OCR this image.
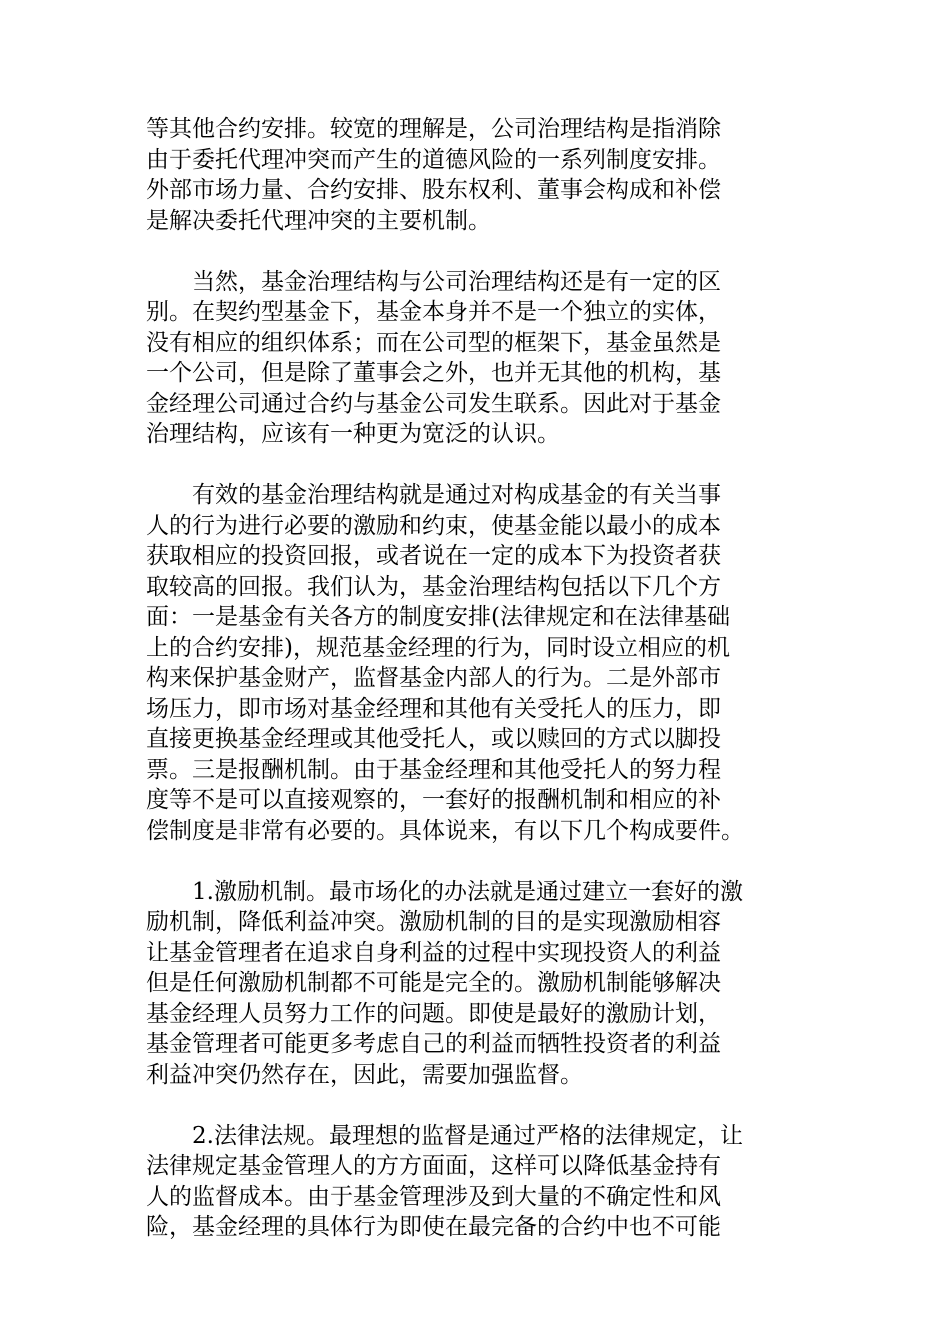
等其他合约安排。较宽的理解是，公司治理结构是指消除
由于委托代理冲突而产生的道德风险的一系列制度安排。
外部市场力量、合约安排、股东权利、董事会构成和补偿
是解决委托代理冲突的主要机制。

　　当然，基金治理结构与公司治理结构还是有一定的区
别。在契约型基金下，基金本身并不是一个独立的实体，
没有相应的组织体系；而在公司型的框架下，基金虽然是
一个公司，但是除了董事会之外，也并无其他的机构，基
金经理公司通过合约与基金公司发生联系。因此对于基金
治理结构，应该有一种更为宽泛的认识。

　　有效的基金治理结构就是通过对构成基金的有关当事
人的行为进行必要的激励和约束，使基金能以最小的成本
获取相应的投资回报，或者说在一定的成本下为投资者获
取较高的回报。我们认为，基金治理结构包括以下几个方
面：一是基金有关各方的制度安排(法律规定和在法律基础
上的合约安排)，规范基金经理的行为，同时设立相应的机
构来保护基金财产，监督基金内部人的行为。二是外部市
场压力，即市场对基金经理和其他有关受托人的压力，即
直接更换基金经理或其他受托人，或以赎回的方式以脚投
票。三是报酬机制。由于基金经理和其他受托人的努力程
度等不是可以直接观察的，一套好的报酬机制和相应的补
偿制度是非常有必要的。具体说来，有以下几个构成要件。

　　1.激励机制。最市场化的办法就是通过建立一套好的激
励机制，降低利益冲突。激励机制的目的是实现激励相容
让基金管理者在追求自身利益的过程中实现投资人的利益
但是任何激励机制都不可能是完全的。激励机制能够解决
基金经理人员努力工作的问题。即使是最好的激励计划，
基金管理者可能更多考虑自己的利益而牺牲投资者的利益
利益冲突仍然存在，因此，需要加强监督。

　　2.法律法规。最理想的监督是通过严格的法律规定，让
法律规定基金管理人的方方面面，这样可以降低基金持有
人的监督成本。由于基金管理涉及到大量的不确定性和风
险，基金经理的具体行为即使在最完备的合约中也不可能
